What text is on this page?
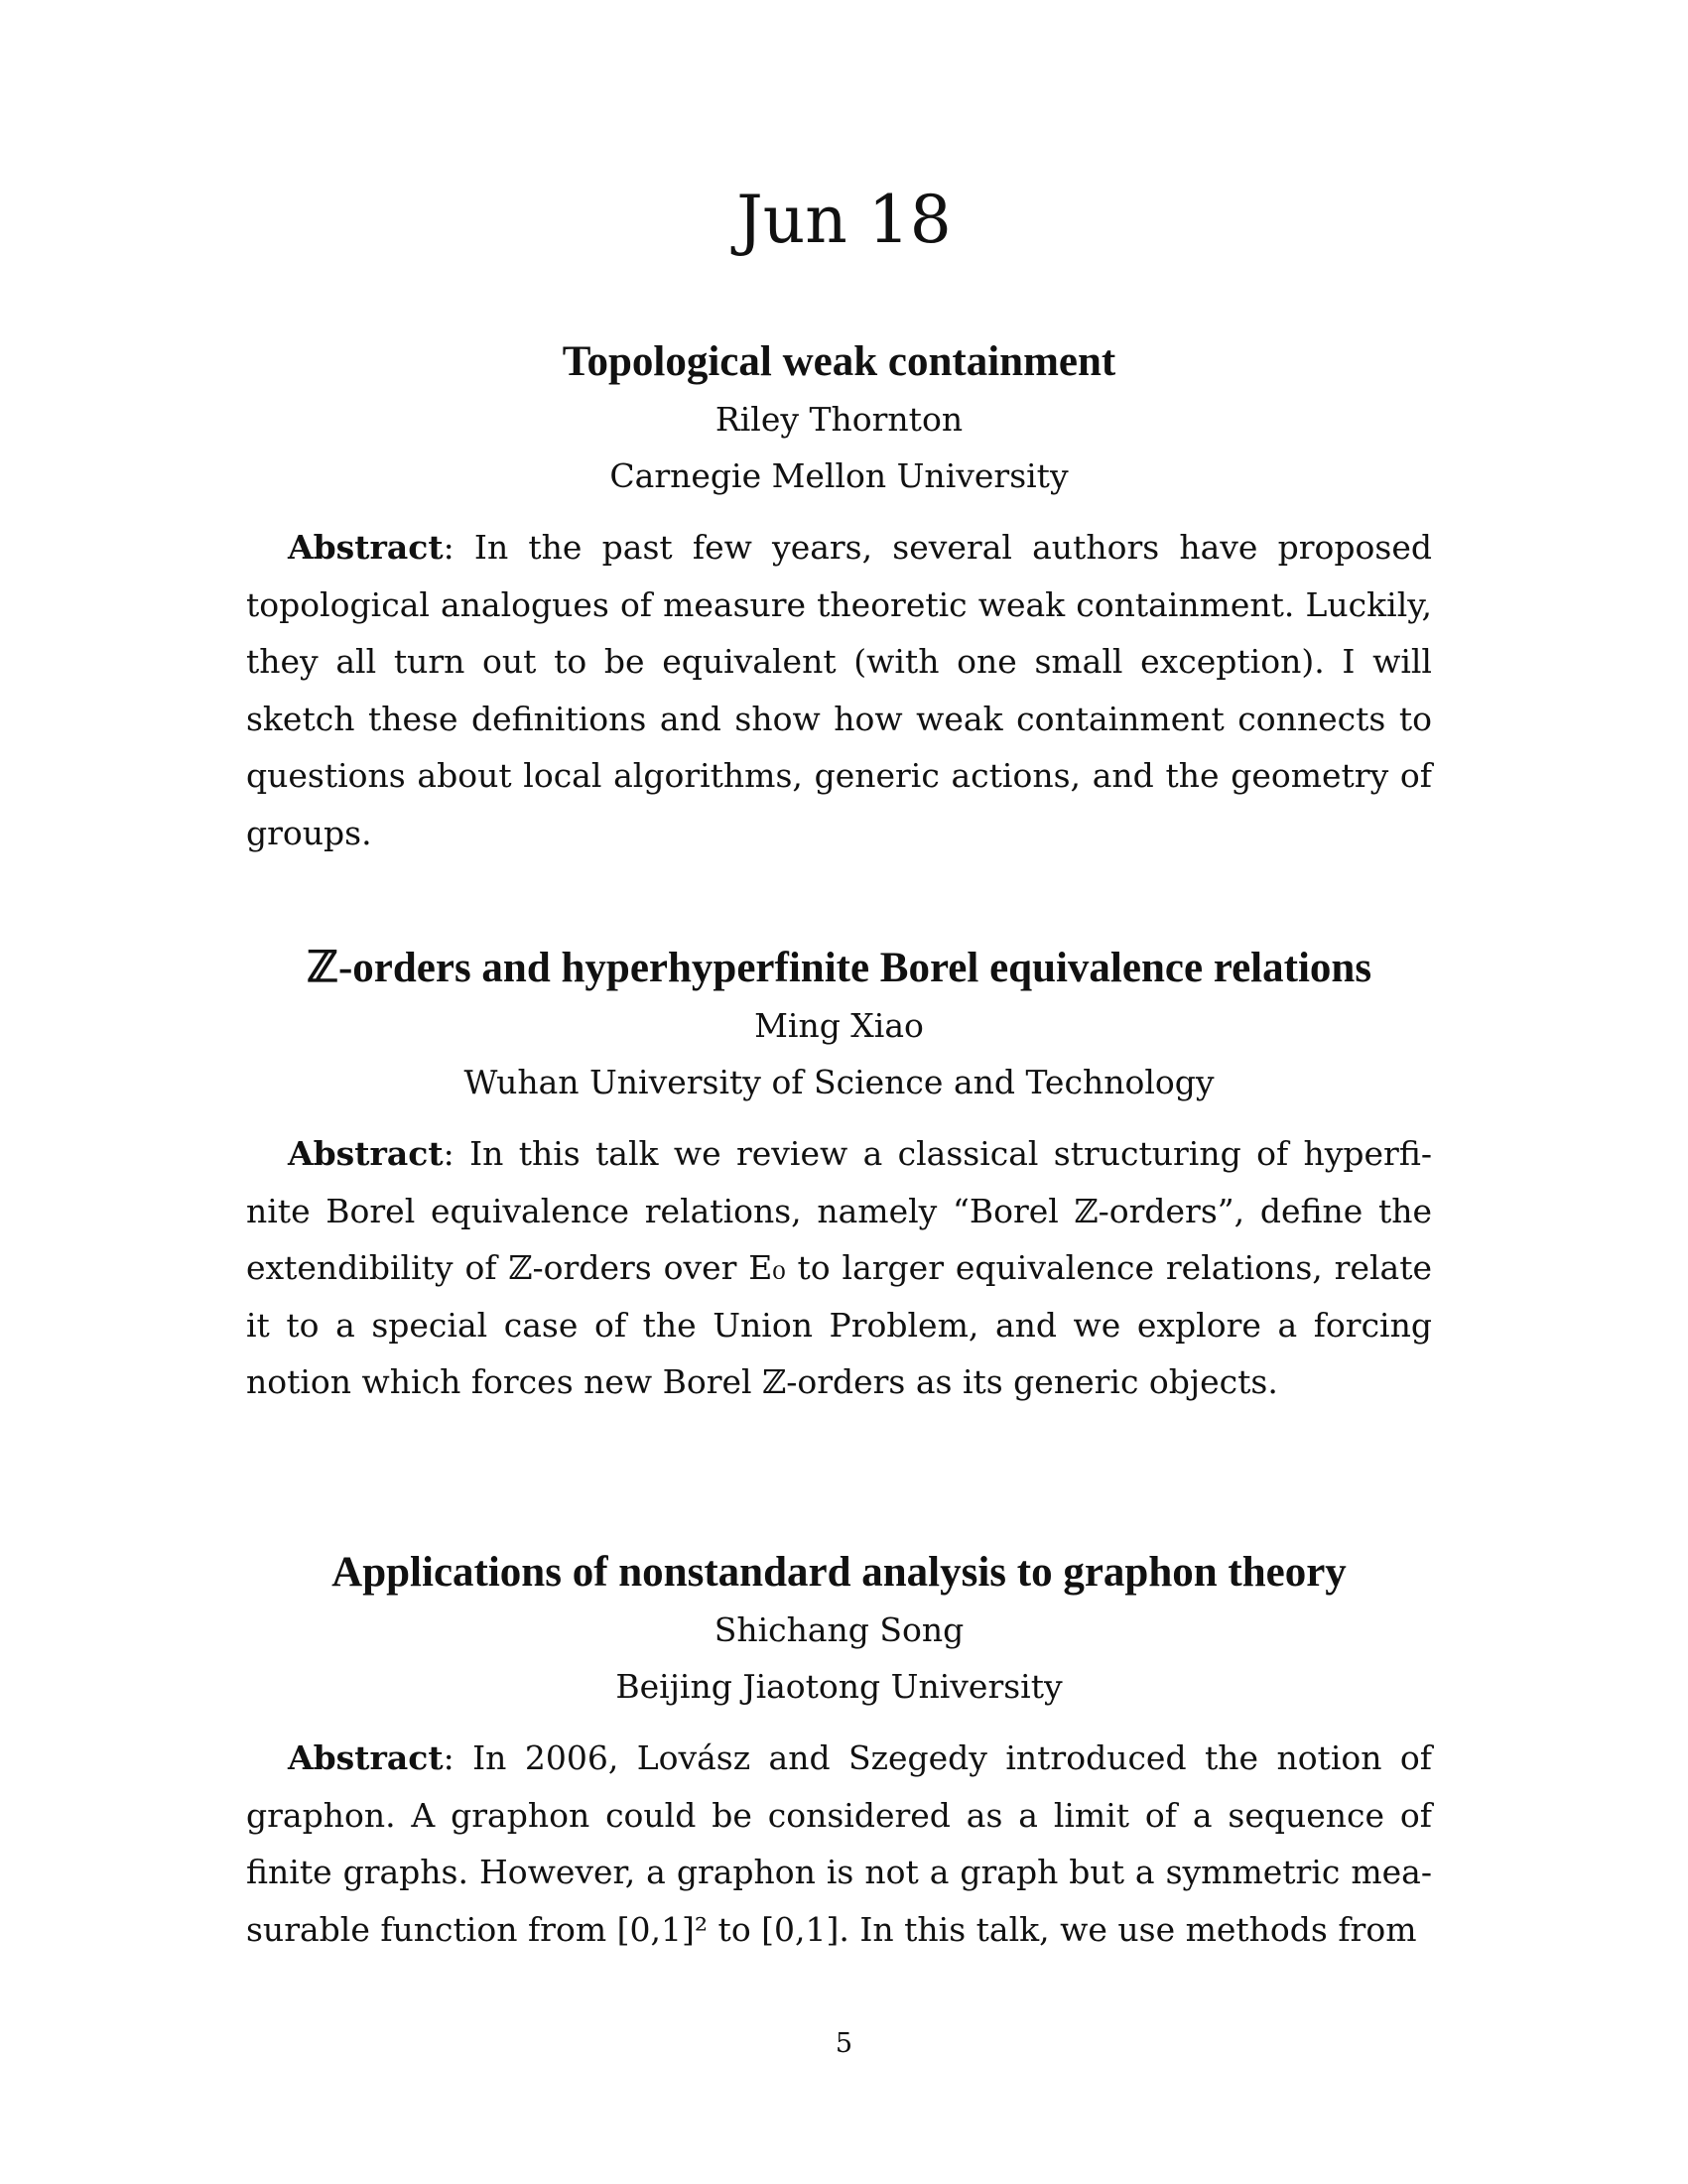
Jun 18
Topological weak containment
Riley Thornton
Carnegie Mellon University

Abstract: In the past few years, several authors have proposed topological analogues of measure theoretic weak containment. Luckily, they all turn out to be equivalent (with one small exception). I will sketch these definitions and show how weak containment connects to questions about local algorithms, generic actions, and the geometry of groups.

ℤ-orders and hyperhyperfinite Borel equivalence relations
Ming Xiao
Wuhan University of Science and Technology

Abstract: In this talk we review a classical structuring of hyperfinite Borel equivalence relations, namely “Borel ℤ-orders”, define the extendibility of ℤ-orders over E₀ to larger equivalence relations, relate it to a special case of the Union Problem, and we explore a forcing notion which forces new Borel ℤ-orders as its generic objects.

Applications of nonstandard analysis to graphon theory
Shichang Song
Beijing Jiaotong University

Abstract: In 2006, Lovász and Szegedy introduced the notion of graphon. A graphon could be considered as a limit of a sequence of finite graphs. However, a graphon is not a graph but a symmetric measurable function from [0,1]² to [0,1]. In this talk, we use methods from

5
